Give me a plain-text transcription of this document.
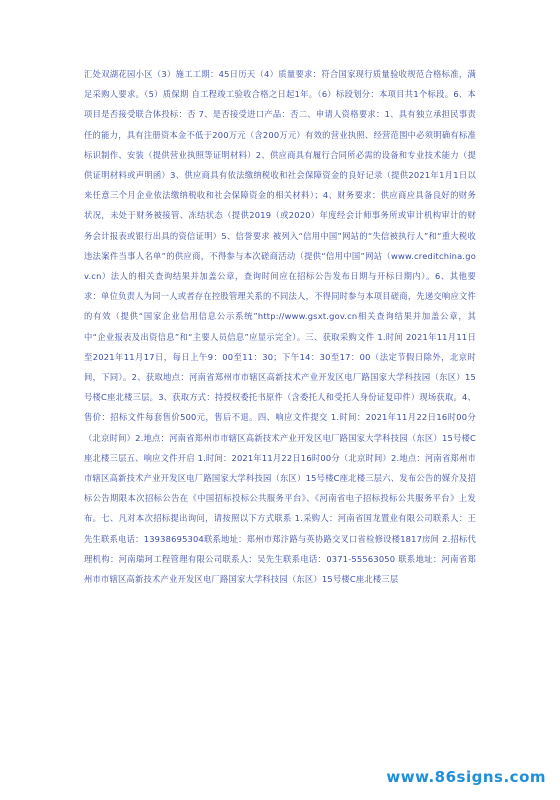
汇处双湖花园小区（3）施工工期：45日历天（4）质量要求：符合国家现行质量验收规范合格标准，满足采购人要求。（5）质保期 自工程竣工验收合格之日起1年。（6）标段划分：本项目共1个标段。6、本项目是否接受联合体投标：否 7、是否接受进口产品：否二、申请人资格要求：1、具有独立承担民事责任的能力，具有注册资本金不低于200万元（含200万元）有效的营业执照、经营范围中必须明确有标准标识制作、安装（提供营业执照等证明材料）2、供应商具有履行合同所必需的设备和专业技术能力（提供证明材料或声明函）3、供应商具有依法缴纳税收和社会保障资金的良好记录（提供2021年1月1日以来任意三个月企业依法缴纳税收和社会保障资金的相关材料）；4、财务要求：供应商应具备良好的财务状况，未处于财务被接管、冻结状态（提供2019（或2020）年度经会计师事务所或审计机构审计的财务会计报表或银行出具的资信证明）5、信誉要求 被列入“信用中国”网站的“失信被执行人”和“重大税收违法案件当事人名单”的供应商，不得参与本次磋商活动（提供“信用中国”网站（www.creditchina.gov.cn）法人的相关查询结果并加盖公章，查询时间应在招标公告发布日期与开标日期内）。6、其他要求：单位负责人为同一人或者存在控股管理关系的不同法人，不得同时参与本项目磋商，先递交响应文件的有效（提供“国家企业信用信息公示系统”http://www.gsxt.gov.cn相关查询结果并加盖公章，其中“企业报表及出资信息”和“主要人员信息”应显示完全）。三、获取采购文件 1.时间 2021年11月11日至2021年11月17日，每日上午9：00至11：30；下午14：30至17：00（法定节假日除外，北京时间，下同）。2、获取地点：河南省郑州市市辖区高新技术产业开发区电厂路国家大学科技园（东区）15号楼C座北楼三层。3、获取方式：持授权委托书原件（含委托人和受托人身份证复印件）现场获取。4、售价：招标文件每套售价500元，售后不退。四、响应文件提交 1.时间：2021年11月22日16时00分（北京时间）2.地点：河南省郑州市市辖区高新技术产业开发区电厂路国家大学科技园（东区）15号楼C座北楼三层五、响应文件开启 1.时间：2021年11月22日16时00分（北京时间）2.地点：河南省郑州市市辖区高新技术产业开发区电厂路国家大学科技园（东区）15号楼C座北楼三层六、发布公告的媒介及招标公告期限本次招标公告在《中国招标投标公共服务平台》、《河南省电子招标投标公共服务平台》上发布。七、凡对本次招标提出询问，请按照以下方式联系 1.采购人：河南省国龙置业有限公司联系人：王先生联系电话：13938695304联系地址：郑州市郑汴路与英协路交叉口省检修设楼1817房间 2.招标代理机构：河南瑞珂工程管理有限公司联系人：吴先生联系电话：0371-55563050 联系地址：河南省郑州市市辖区高新技术产业开发区电厂路国家大学科技园（东区）15号楼C座北楼三层

www.86signs.com
